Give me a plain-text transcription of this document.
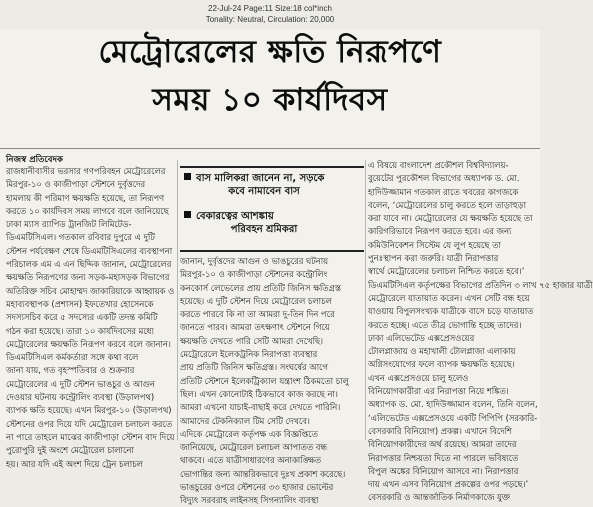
22-Jul-24 Page:11 Size:18 col*inch
Tonality: Neutral, Circulation: 20,000
মেট্রোরেলের ক্ষতি নিরূপণে
সময় ১০ কার্যদিবস
নিজস্ব প্রতিবেদক

রাজধানীবাসীর ভরসার গণপরিবহন মেট্রোরেলের

মিরপুর-১০ ও কাজীপাড়া স্টেশনে দুর্বৃত্তদের

হামলায় কী পরিমাণ ক্ষয়ক্ষতি হয়েছে, তা নিরূপণ

করতে ১০ কার্যদিবস সময় লাগবে বলে জানিয়েছে

ঢাকা ম্যাস র‍্যাপিড ট্রানজিট লিমিটেড-

ডিএমটিসিএল। গতকাল রবিবার দুপুরে এ দুটি

স্টেশন পর্যবেক্ষণ শেষে ডিএমটিসিএলের ব্যবস্থাপনা

পরিচালক এম এ এন ছিদ্দিক জানান, মেট্রোরেলের

ক্ষয়ক্ষতি নিরূপণের জন্য সড়ক-মহাসড়ক বিভাগের

অতিরিক্ত সচিব মোহাম্মদ জাকারিয়াকে আহ্বায়ক ও

মহাব্যবস্থাপক (প্রশাসন) ইফতেখার হোসেনকে

সদস্যসচিব করে ৫ সদস্যের একটি তদন্ত কমিটি

গঠন করা হয়েছে। তারা ১০ কার্যদিবসের মধ্যে

মেট্রোরেলের ক্ষয়ক্ষতি নিরূপণ করবে বলে জানান।

ডিএমটিসিএল কর্মকর্তারা সঙ্গে কথা বলে

জানা যায়, গত বৃহস্পতিবার ও শুক্রবার

মেট্রোরেলের এ দুটি স্টেশন ভাঙচুর ও আগুন

দেওয়ার ঘটনায় কন্ট্রোলিং ব্যবস্থা (উড়ালপথ)

ব্যাপক ক্ষতি হয়েছে। এখন মিরপুর-১০ (উড়ালপথ)

স্টেশনের ওপর দিয়ে যদি মেট্রোরেল চলাচল করতে

না পারে তাহলে মাঝের কাজীপাড়া স্টেশন বাদ দিয়ে

পুরোপুরি দুই অংশে মেট্রোরেল চালানো

হয়। আর যদি এই অংশ দিয়ে ট্রেন চলাচল

বাস মালিকরা জানেন না, সড়কে
কবে নামাবেন বাস
বেকারত্বের আশঙ্কায়
পরিবহন শ্রমিকরা

জানান, দুর্বৃত্তদের আগুন ও ভাঙচুরের ঘটনায়

মিরপুর-১০ ও কাজীপাড়া স্টেশনের কন্ট্রোলিং

কনকোর্স লেভেলের প্রায় প্রতিটি জিনিস ক্ষতিগ্রস্ত

হয়েছে। এ দুটি স্টেশন দিয়ে মেট্রোরেল চলাচল

করতে পারবে কি না তা আমরা দু-তিন দিন পরে

জানতে পারব। আমরা তৎক্ষণাৎ স্টেশনে গিয়ে

ক্ষয়ক্ষতি দেখতে পারি সেটি আমরা দেখেছি।

মেট্রোরেলে ইলেকট্রনিক নিরাপত্তা ব্যবস্থার

প্রায় প্রতিটি জিনিস ক্ষতিগ্রস্ত। সংঘর্ষের আগে

প্রতিটি স্টেশনে ইলেকট্রিক্যাল যন্ত্রাংশ ঠিকমতো চালু

ছিল। এখন কোনোটাই ঠিকভাবে কাজ করছে না।

আমরা এখনো যাচাই-বাছাই করে দেখতে পারিনি।

আমাদের টেকনিক্যাল টিম সেটি দেখবে।

এদিকে মেট্রোরেল কর্তৃপক্ষ এক বিজ্ঞপ্তিতে

জানিয়েছে, মেট্রোরেল চলাচল আপাতত বন্ধ

থাকবে। এতে যাত্রীসাধারণের অনাকাঙ্ক্ষিত

ভোগান্তির জন্য আন্তরিকভাবে দুঃখ প্রকাশ করেছে।

ভাঙচুরের ওপরে স্টেশনের ৩৩ হাজার ভোল্টের

বিদ্যুৎ সরবরাহ লাইনসহ সিগন্যালিং ব্যবস্থা

এ বিষয়ে বাংলাদেশ প্রকৌশল বিশ্ববিদ্যালয়-

বুয়েটের পুরকৌশল বিভাগের অধ্যাপক ড. মো.

হাদিউজ্জামান গতকাল রাতে খবরের কাগজকে

বলেন, ‘মেট্রোরেলের চালু করতে হলে তাড়াহুড়া

করা যাবে না। মেট্রোরেলের যে ক্ষয়ক্ষতি হয়েছে তা

কারিগরিভাবে নিরূপণ করতে হবে। এর জন্য

কমিউনিকেশন সিস্টেম যে লুপ হয়েছে তা

পুনঃস্থাপন করা জরুরি। যাত্রী নিরাপত্তার

স্বার্থে মেট্রোরেলের চলাচল নিশ্চিত করতে হবে।’

ডিএমটিসিএল কর্তৃপক্ষের বিভাগের প্রতিদিন ৩ লাখ ৭৫ হাজার যাত্রী

মেট্রোরেলে যাতায়াত করেন। এখন সেটি বন্ধ হয়ে

যাওয়ায় বিপুলসংখ্যক যাত্রীকে বাসে চড়ে যাতায়াত

করতে হচ্ছে। এতে তীব্র ভোগান্তি হচ্ছে তাদের।

ঢাকা এলিভেটেড এক্সপ্রেসওয়ের

টোলপ্লাজায় ও মহাখালী টোলপ্লাজা এলাকায়

অগ্নিসংযোগের ফলে ব্যাপক ক্ষয়ক্ষতি হয়েছে।

এখন এক্সপ্রেসওয়ে চালু হলেও

বিনিয়োগকারীরা এর নিরাপত্তা নিয়ে শঙ্কিত।

অধ্যাপক ড. মো. হাদিউজ্জামান বলেন, তিনি বলেন,

‘এলিভেটেড এক্সপ্রেসওয়ে একটি পিপিপি (সরকারি-

বেসরকারি বিনিয়োগ) প্রকল্প। এখানে বিদেশি

বিনিয়োগকারীদের অর্থ রয়েছে। আমরা তাদের

নিরাপত্তার নিশ্চয়তা দিতে না পারলে ভবিষ্যতে

বিপুল অঙ্কের বিনিয়োগ আসবে না। নিরাপত্তার

দায় এখন এসব বিনিয়োগ প্রকল্পের ওপর পড়ছে।’

বেসরকারি ও আন্তর্জাতিক নির্মাণকাজে যুক্ত
